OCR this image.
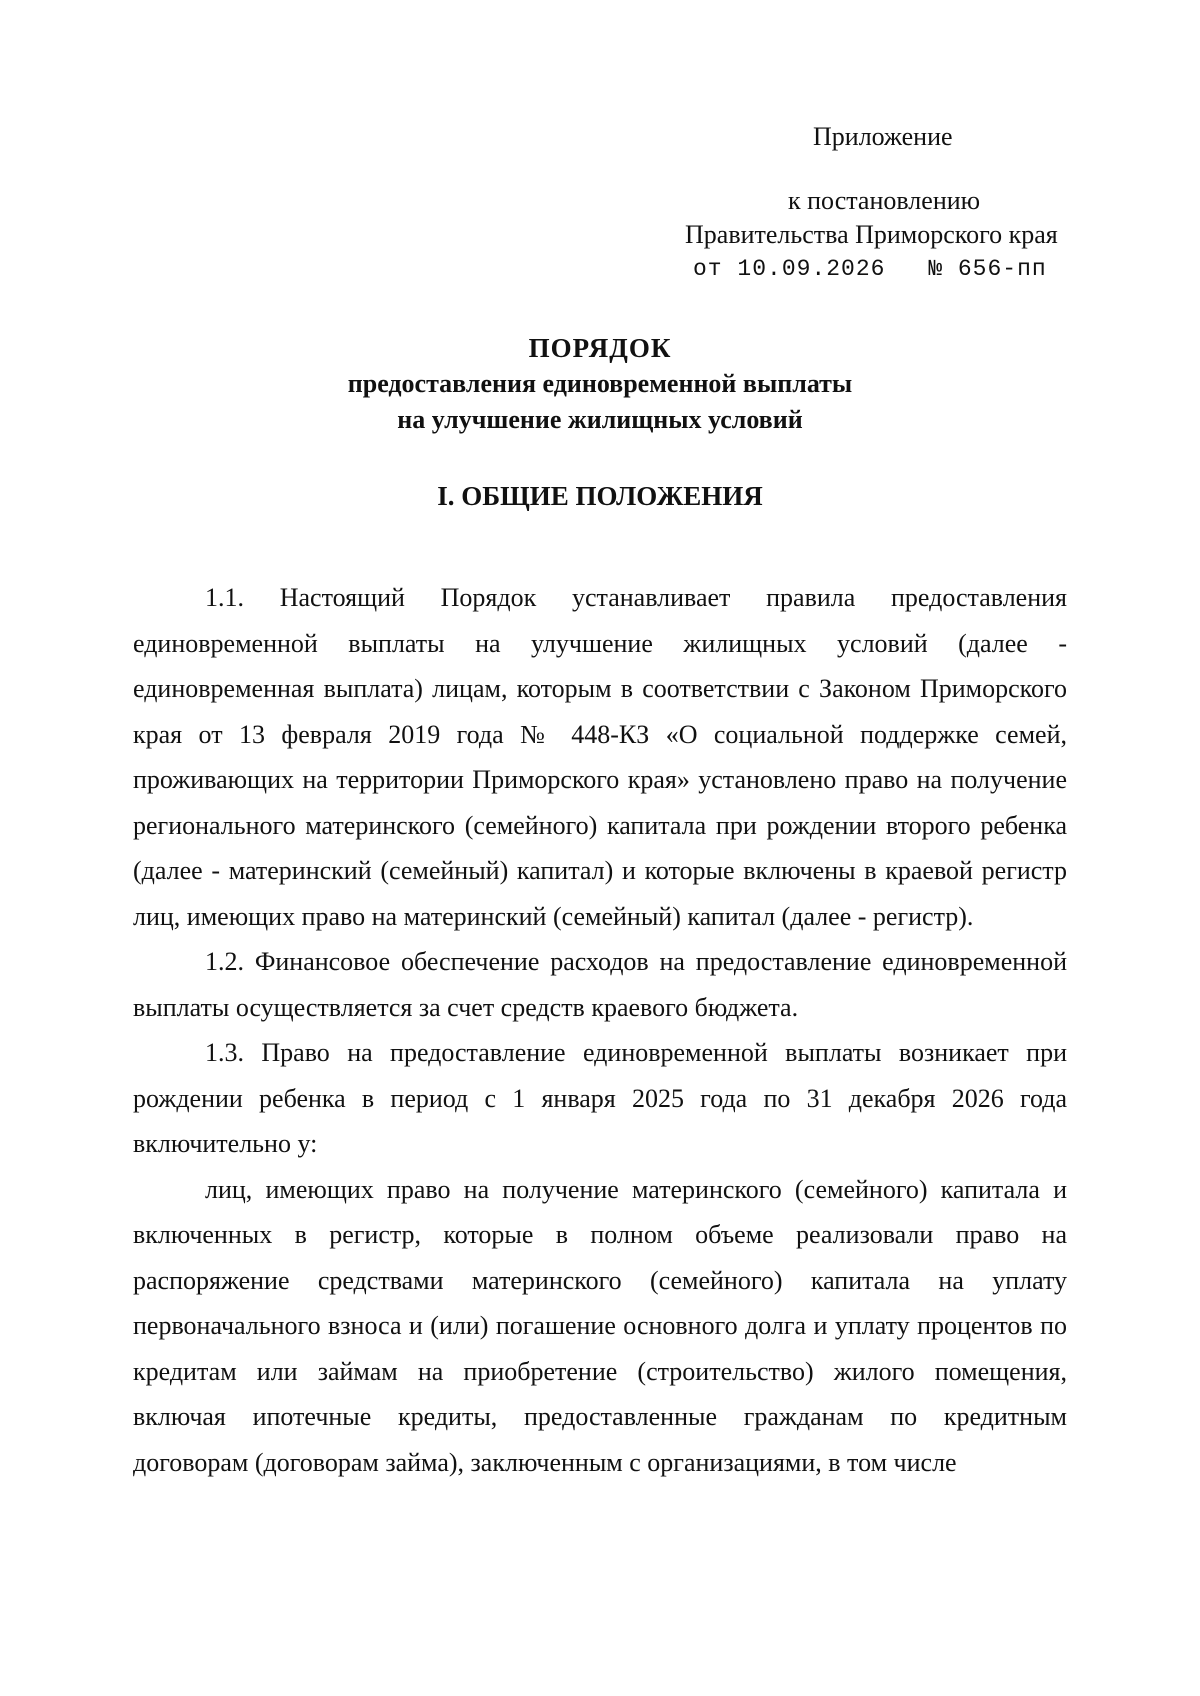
Приложение
к постановлению
Правительства Приморского края
от 10.09.2026 № 656-пп
ПОРЯДОК
предоставления единовременной выплаты
на улучшение жилищных условий
I. ОБЩИЕ ПОЛОЖЕНИЯ

1.1. Настоящий Порядок устанавливает правила предоставления единовременной выплаты на улучшение жилищных условий (далее - единовременная выплата) лицам, которым в соответствии с Законом Приморского края от 13 февраля 2019 года № 448-КЗ «О социальной поддержке семей, проживающих на территории Приморского края» установлено право на получение регионального материнского (семейного) капитала при рождении второго ребенка (далее - материнский (семейный) капитал) и которые включены в краевой регистр лиц, имеющих право на материнский (семейный) капитал (далее - регистр).

1.2. Финансовое обеспечение расходов на предоставление единовременной выплаты осуществляется за счет средств краевого бюджета.

1.3. Право на предоставление единовременной выплаты возникает при рождении ребенка в период с 1 января 2025 года по 31 декабря 2026 года включительно у:

лиц, имеющих право на получение материнского (семейного) капитала и включенных в регистр, которые в полном объеме реализовали право на распоряжение средствами материнского (семейного) капитала на уплату первоначального взноса и (или) погашение основного долга и уплату процентов по кредитам или займам на приобретение (строительство) жилого помещения, включая ипотечные кредиты, предоставленные гражданам по кредитным договорам (договорам займа), заключенным с организациями, в том числе
